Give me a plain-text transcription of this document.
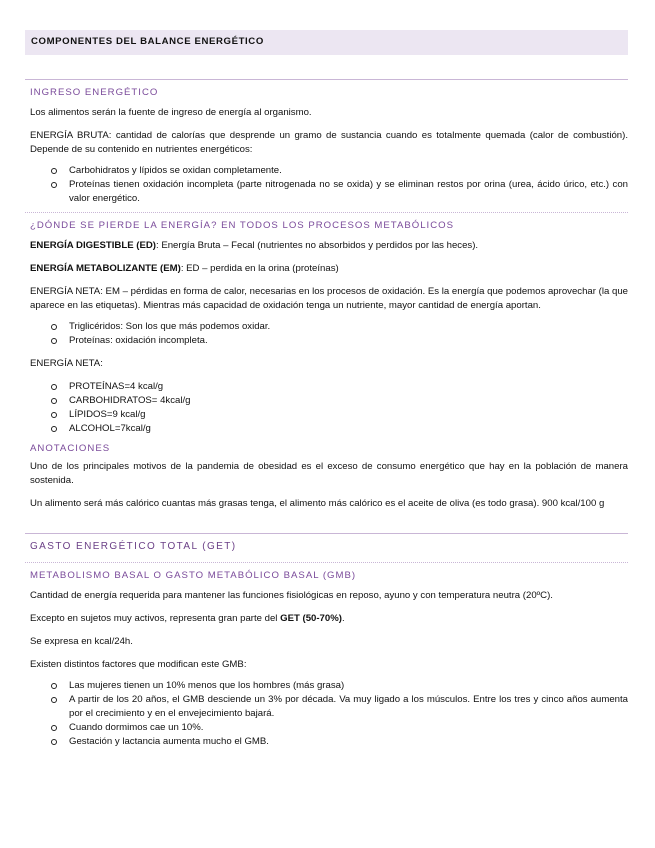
COMPONENTES DEL BALANCE ENERGÉTICO
INGRESO ENERGÉTICO

Los alimentos serán la fuente de ingreso de energía al organismo.

ENERGÍA BRUTA: cantidad de calorías que desprende un gramo de sustancia cuando es totalmente quemada (calor de combustión). Depende de su contenido en nutrientes energéticos:

Carbohidratos y lípidos se oxidan completamente.
Proteínas tienen oxidación incompleta (parte nitrogenada no se oxida) y se eliminan restos por orina (urea, ácido úrico, etc.) con valor energético.
¿DÓNDE SE PIERDE LA ENERGÍA? EN TODOS LOS PROCESOS METABÓLICOS

ENERGÍA DIGESTIBLE (ED): Energía Bruta – Fecal (nutrientes no absorbidos y perdidos por las heces).

ENERGÍA METABOLIZANTE (EM): ED – perdida en la orina (proteínas)

ENERGÍA NETA: EM – pérdidas en forma de calor, necesarias en los procesos de oxidación. Es la energía que podemos aprovechar (la que aparece en las etiquetas). Mientras más capacidad de oxidación tenga un nutriente, mayor cantidad de energía aportan.

Triglicéridos: Son los que más podemos oxidar.
Proteínas: oxidación incompleta.

ENERGÍA NETA:

PROTEÍNAS=4 kcal/g
CARBOHIDRATOS= 4kcal/g
LÍPIDOS=9 kcal/g
ALCOHOL=7kcal/g
ANOTACIONES

Uno de los principales motivos de la pandemia de obesidad es el exceso de consumo energético que hay en la población de manera sostenida.

Un alimento será más calórico cuantas más grasas tenga, el alimento más calórico es el aceite de oliva (es todo grasa). 900 kcal/100 g

GASTO ENERGÉTICO TOTAL (GET)
METABOLISMO BASAL O GASTO METABÓLICO BASAL (GMB)

Cantidad de energía requerida para mantener las funciones fisiológicas en reposo, ayuno y con temperatura neutra (20ºC).

Excepto en sujetos muy activos, representa gran parte del GET (50-70%).

Se expresa en kcal/24h.

Existen distintos factores que modifican este GMB:

Las mujeres tienen un 10% menos que los hombres (más grasa)
A partir de los 20 años, el GMB desciende un 3% por década. Va muy ligado a los músculos. Entre los tres y cinco años aumenta por el crecimiento y en el envejecimiento bajará.
Cuando dormimos cae un 10%.
Gestación y lactancia aumenta mucho el GMB.
